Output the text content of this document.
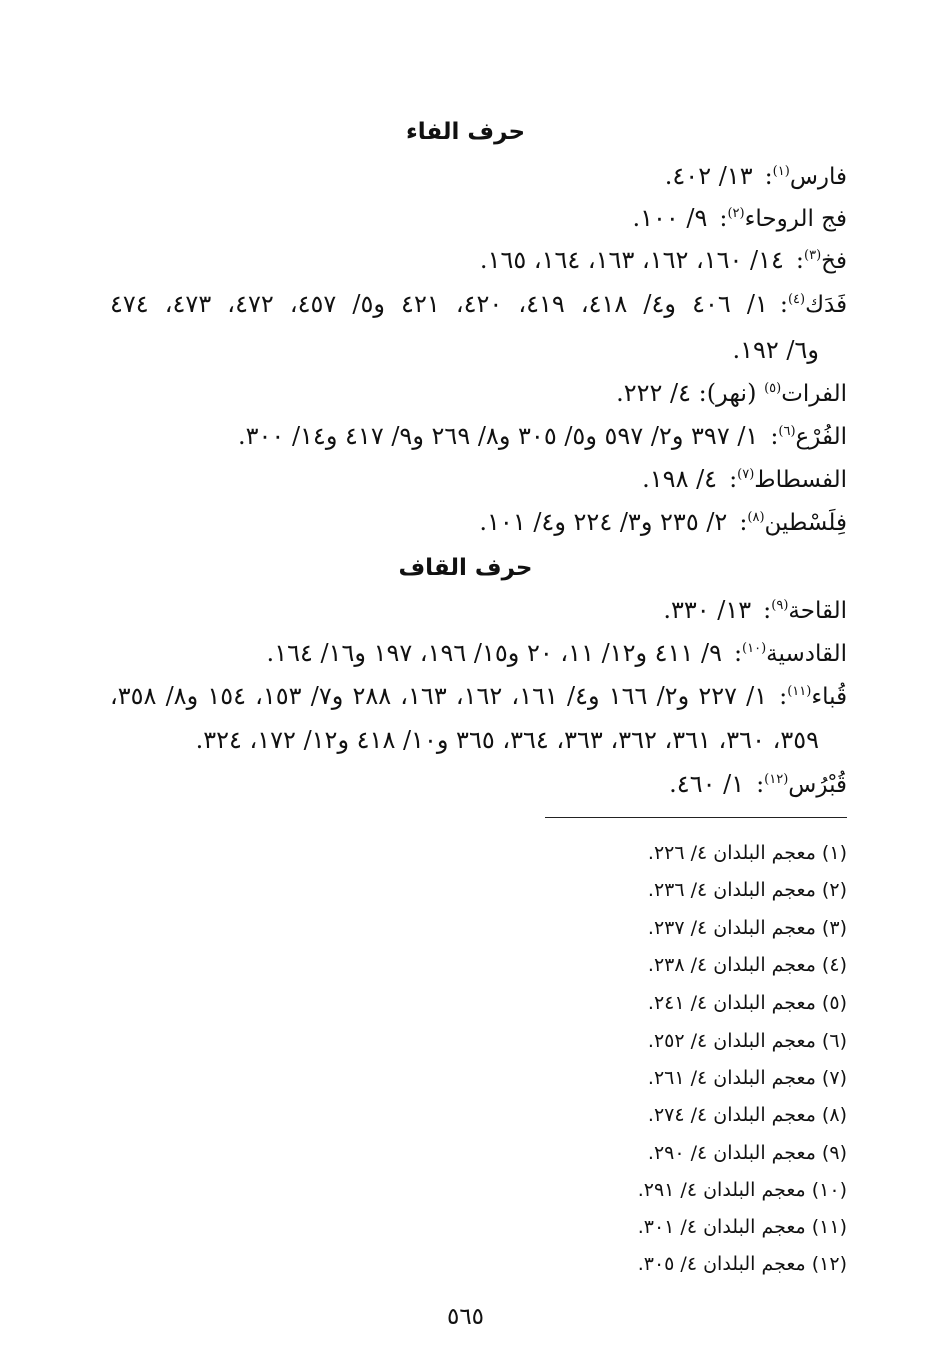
حرف الفاء
فارس$^{(١)}$:١٣/ ٤٠٢.
فج الروحاء$^{(٢)}$:٩/ ١٠٠.
فخ$^{(٣)}$:١٤/ ١٦٠، ١٦٢، ١٦٣، ١٦٤، ١٦٥.
فَدَك$^{(٤)}$:١/ ٤٠٦ و٤/ ٤١٨، ٤١٩، ٤٢٠، ٤٢١ و٥/ ٤٥٧، ٤٧٢، ٤٧٣، ٤٧٤
و٦/ ١٩٢.
الفرات$^{(٥)}$ (نهر): ٤/ ٢٢٢.
الفُرْع$^{(٦)}$:١/ ٣٩٧ و٢/ ٥٩٧ و٥/ ٣٠٥ و٨/ ٢٦٩ و٩/ ٤١٧ و١٤/ ٣٠٠.
الفسطاط$^{(٧)}$:٤/ ١٩٨.
فِلَسْطين$^{(٨)}$:٢/ ٢٣٥ و٣/ ٢٢٤ و٤/ ١٠١.
حرف القاف
القاحة$^{(٩)}$:١٣/ ٣٣٠.
القادسية$^{(١٠)}$:٩/ ٤١١ و١٢/ ١١، ٢٠ و١٥/ ١٩٦، ١٩٧ و١٦/ ١٦٤.
قُباء$^{(١١)}$:١/ ٢٢٧ و٢/ ١٦٦ و٤/ ١٦١، ١٦٢، ١٦٣، ٢٨٨ و٧/ ١٥٣، ١٥٤ و٨/ ٣٥٨،
٣٥٩، ٣٦٠، ٣٦١، ٣٦٢، ٣٦٣، ٣٦٤، ٣٦٥ و١٠/ ٤١٨ و١٢/ ١٧٢، ٣٢٤.
قُبْرُس$^{(١٢)}$:١/ ٤٦٠.
(١) معجم البلدان ٤/ ٢٢٦.
(٢) معجم البلدان ٤/ ٢٣٦.
(٣) معجم البلدان ٤/ ٢٣٧.
(٤) معجم البلدان ٤/ ٢٣٨.
(٥) معجم البلدان ٤/ ٢٤١.
(٦) معجم البلدان ٤/ ٢٥٢.
(٧) معجم البلدان ٤/ ٢٦١.
(٨) معجم البلدان ٤/ ٢٧٤.
(٩) معجم البلدان ٤/ ٢٩٠.
(١٠) معجم البلدان ٤/ ٢٩١.
(١١) معجم البلدان ٤/ ٣٠١.
(١٢) معجم البلدان ٤/ ٣٠٥.
٥٦٥
